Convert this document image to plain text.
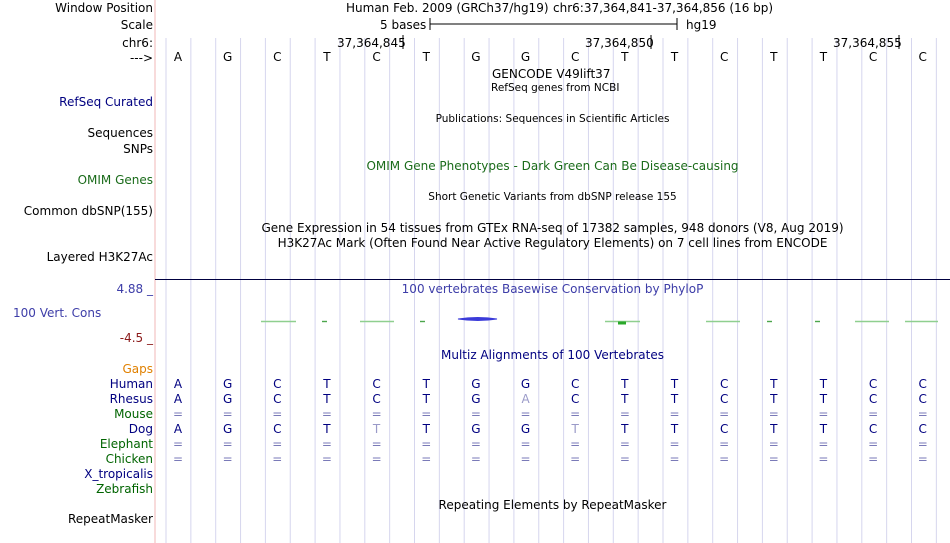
Window Position	Human Feb. 2009 (GRCh37/hg19) chr6:37,364,841-37,364,856 (16 bp)
Scale	5 bases	hg19
chr6:	37,364,845	37,364,850	37,364,855
--->	A	G	C	T	C	T	G	G	C	T	T	C	T	T	C	C
GENCODE V49lift37
RefSeq genes from NCBI
RefSeq Curated
Publications: Sequences in Scientific Articles
Sequences
SNPs
OMIM Gene Phenotypes - Dark Green Can Be Disease-causing
OMIM Genes
Short Genetic Variants from dbSNP release 155
Common dbSNP(155)
Gene Expression in 54 tissues from GTEx RNA-seq of 17382 samples, 948 donors (V8, Aug 2019)
H3K27Ac Mark (Often Found Near Active Regulatory Elements) on 7 cell lines from ENCODE
Layered H3K27Ac
4.88 _	100 vertebrates Basewise Conservation by PhyloP
100 Vert. Cons
-4.5 _
Multiz Alignments of 100 Vertebrates
Gaps
Human	A	G	C	T	C	T	G	G	C	T	T	C	T	T	C	C
Rhesus	A	G	C	T	C	T	G	A	C	T	T	C	T	T	C	C
Mouse	=	=	=	=	=	=	=	=	=	=	=	=	=	=	=	=
Dog	A	G	C	T	T	T	G	G	T	T	T	C	T	T	C	C
Elephant	=	=	=	=	=	=	=	=	=	=	=	=	=	=	=	=
Chicken	=	=	=	=	=	=	=	=	=	=	=	=	=	=	=	=
X_tropicalis
Zebrafish
Repeating Elements by RepeatMasker
RepeatMasker
